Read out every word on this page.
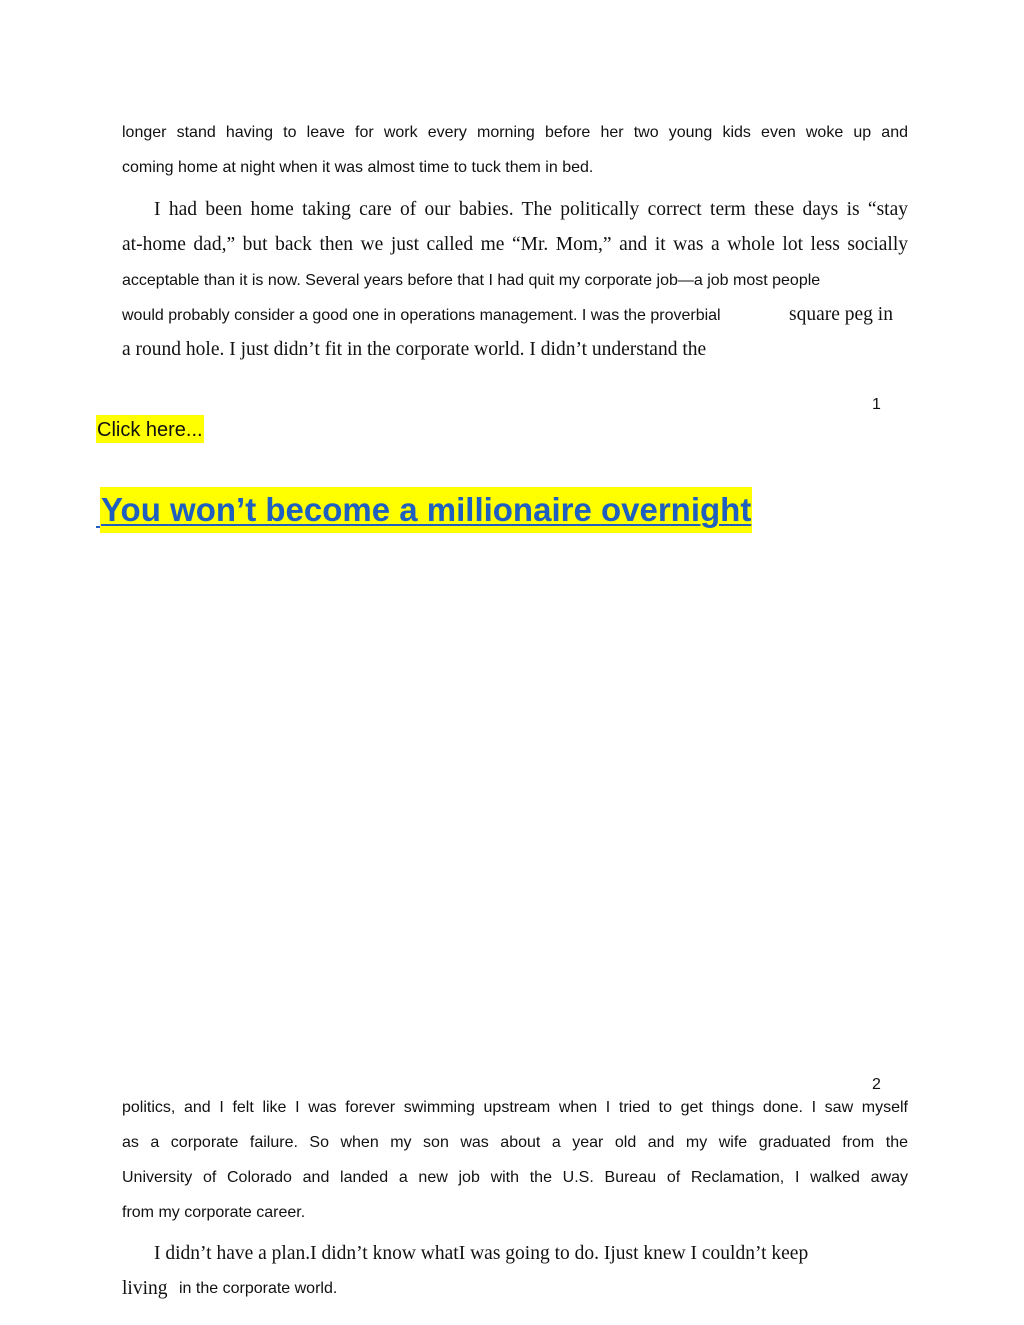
longer stand having to leave for work every morning before her two young kids even woke up and
coming home at night when it was almost time to tuck them in bed.
I had been home taking care of our babies. The politically correct term these days is “stay
at-home dad,” but back then we just called me “Mr. Mom,” and it was a whole lot less socially
acceptable than it is now. Several years before that I had quit my corporate job—a job most people
would probably consider a good one in operations management. I was the proverbial	square peg in
a round hole. I just didn’t fit in the corporate world. I didn’t understand the
1
Click here...
You won’t become a millionaire overnight
2
politics, and I felt like I was forever swimming upstream when I tried to get things done. I saw myself
as a corporate failure. So when my son was about a year old and my wife graduated from the
University of Colorado and landed a new job with the U.S. Bureau of Reclamation, I walked away
from my corporate career.
I didn’t have a plan.I didn’t know whatI was going to do. Ijust knew I couldn’t keep
living in the corporate world.
